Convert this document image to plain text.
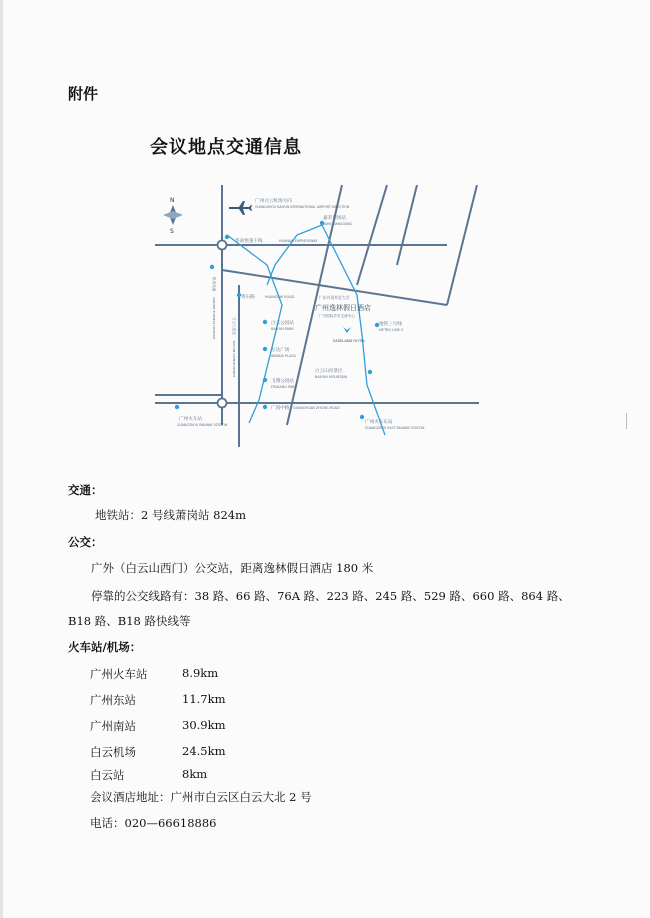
附件
会议地点交通信息
N
S
广州白云机场方向
GUANGZHOU BAIYUN INTERNATIONAL AIRPORT DIRECTION
嘉禾望岗站
JIAHE WANGGANG
华南快速干线	HUANAN EXPRESSWAY
黄石路	HUANGSHI ROAD
白云公园站
BAIYUN PARK
万达广场
WANDA PLAZA
飞翔公园站
FEIXIANG PARK
广园中路 GUANGYUAN ZHONG ROAD
广州火车站
GUANGZHOU RAILWAY STATION	广州火车东站
GUANGZHOU EAST RAILWAY STATION
白云山风景区
BAIYUN MOUNTAIN
地铁三号线
METRO LINE 3
广东外语外贸大学
机场高速
AIRPORT EXPRESS HIGHWAY	白云大道北
BAIYUN AVENUE NORTH
广州逸林假日酒店
广外国际学术交流中心
EASELAND HOTEL
交通：
地铁站：2 号线萧岗站 824m
公交：
广外（白云山西门）公交站，距离逸林假日酒店 180 米
停靠的公交线路有：38 路、66 路、76A 路、223 路、245 路、529 路、660 路、864 路、
B18 路、B18 路快线等
火车站/机场：
广州火车站	8.9km
广州东站	11.7km
广州南站	30.9km
白云机场	24.5km
白云站	8km
会议酒店地址：广州市白云区白云大北 2 号
电话：020—66618886
